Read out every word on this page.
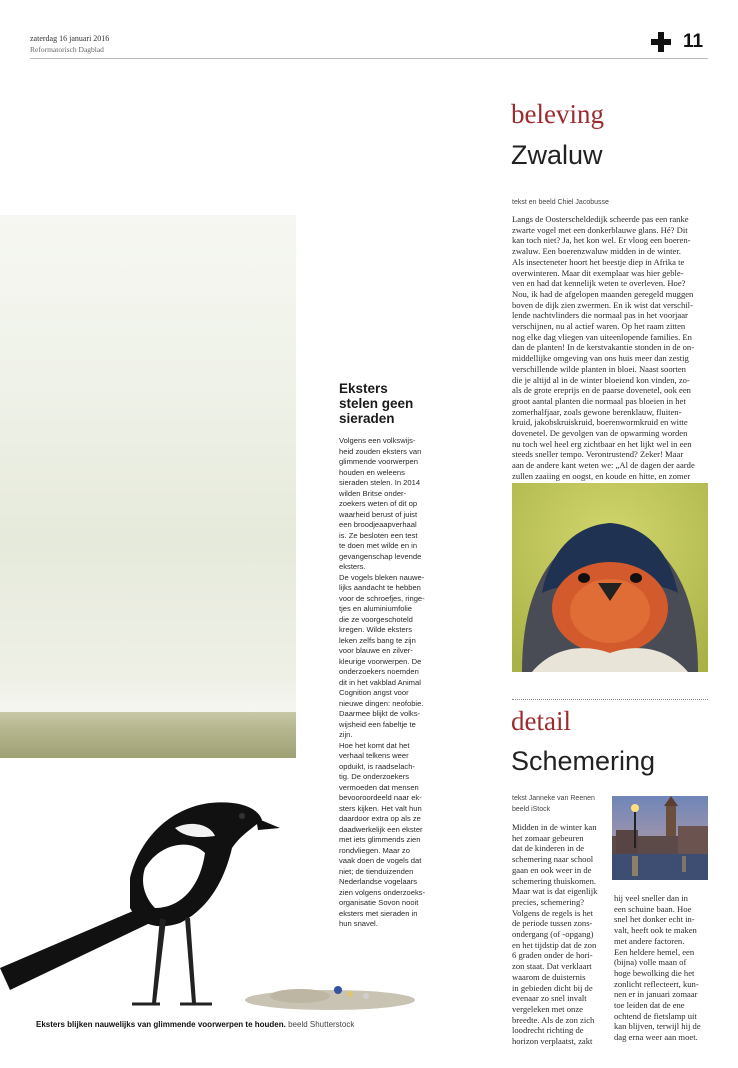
zaterdag 16 januari 2016
Reformatorisch Dagblad	11
beleving
Zwaluw
tekst en beeld Chiel Jacobusse
Langs de Oosterscheldedijk scheerde pas een ranke
zwarte vogel met een donkerblauwe glans. Hé? Dit
kan toch niet? Ja, het kon wel. Er vloog een boeren-
zwaluw. Een boerenzwaluw midden in de winter.
Als insecteneter hoort het beestje diep in Afrika te
overwinteren. Maar dit exemplaar was hier geble-
ven en had dat kennelijk weten te overleven. Hoe?
Nou, ik had de afgelopen maanden geregeld muggen
boven de dijk zien zwermen. En ik wist dat verschil-
lende nachtvlinders die normaal pas in het voorjaar
verschijnen, nu al actief waren. Op het raam zitten
nog elke dag vliegen van uiteenlopende families. En
dan de planten! In de kerstvakantie stonden in de on-
middellijke omgeving van ons huis meer dan zestig
verschillende wilde planten in bloei. Naast soorten
die je altijd al in de winter bloeiend kon vinden, zo-
als de grote ereprijs en de paarse dovenetel, ook een
groot aantal planten die normaal pas bloeien in het
zomerhalfjaar, zoals gewone berenklauw, fluiten-
kruid, jakobskruiskruid, boerenwormkruid en witte
dovenetel. De gevolgen van de opwarming worden
nu toch wel heel erg zichtbaar en het lijkt wel in een
steeds sneller tempo. Verontrustend? Zeker! Maar
aan de andere kant weten we: „Al de dagen der aarde
zullen zaaiing en oogst, en koude en hitte, en zomer

detail
Schemering
tekst Janneke van Reenen
beeld iStock
Midden in de winter kan
het zomaar gebeuren
dat de kinderen in de
schemering naar school
gaan en ook weer in de
schemering thuiskomen.
Maar wat is dat eigenlijk
precies, schemering?
Volgens de regels is het
de periode tussen zons-
ondergang (of -opgang)
en het tijdstip dat de zon
6 graden onder de hori-
zon staat. Dat verklaart
waarom de duisternis
in gebieden dicht bij de
evenaar zo snel invalt
vergeleken met onze
breedte. Als de zon zich
loodrecht richting de
horizon verplaatst, zakt
hij veel sneller dan in
een schuine baan. Hoe
snel het donker echt in-
valt, heeft ook te maken
met andere factoren.
Een heldere hemel, een
(bijna) volle maan of
hoge bewolking die het
zonlicht reflecteert, kun-
nen er in januari zomaar
toe leiden dat de ene
ochtend de fietslamp uit
kan blijven, terwijl hij de
dag erna weer aan moet.
Eksters
stelen geen
sieraden
Volgens een volkswijs-
heid zouden eksters van
glimmende voorwerpen
houden en weleens
sieraden stelen. In 2014
wilden Britse onder-
zoekers weten of dit op
waarheid berust of juist
een broodjeaapverhaal
is. Ze besloten een test
te doen met wilde en in
gevangenschap levende
eksters.
De vogels bleken nauwe-
lijks aandacht te hebben
voor de schroefjes, ringe-
tjes en aluminiumfolie
die ze voorgeschoteld
kregen. Wilde eksters
leken zelfs bang te zijn
voor blauwe en zilver-
kleurige voorwerpen. De
onderzoekers noemden
dit in het vakblad Animal
Cognition angst voor
nieuwe dingen: neofobie.
Daarmee blijkt de volks-
wijsheid een fabeltje te
zijn.
Hoe het komt dat het
verhaal telkens weer
opduikt, is raadselach-
tig. De onderzoekers
vermoeden dat mensen
bevooroordeeld naar ek-
sters kijken. Het valt hun
daardoor extra op als ze
daadwerkelijk een ekster
met iets glimmends zien
rondvliegen. Maar zo
vaak doen de vogels dat
niet; de tienduizenden
Nederlandse vogelaars
zien volgens onderzoeks-
organisatie Sovon nooit
eksters met sieraden in
hun snavel.
Eksters blijken nauwelijks van glimmende voorwerpen te houden. beeld Shutterstock
